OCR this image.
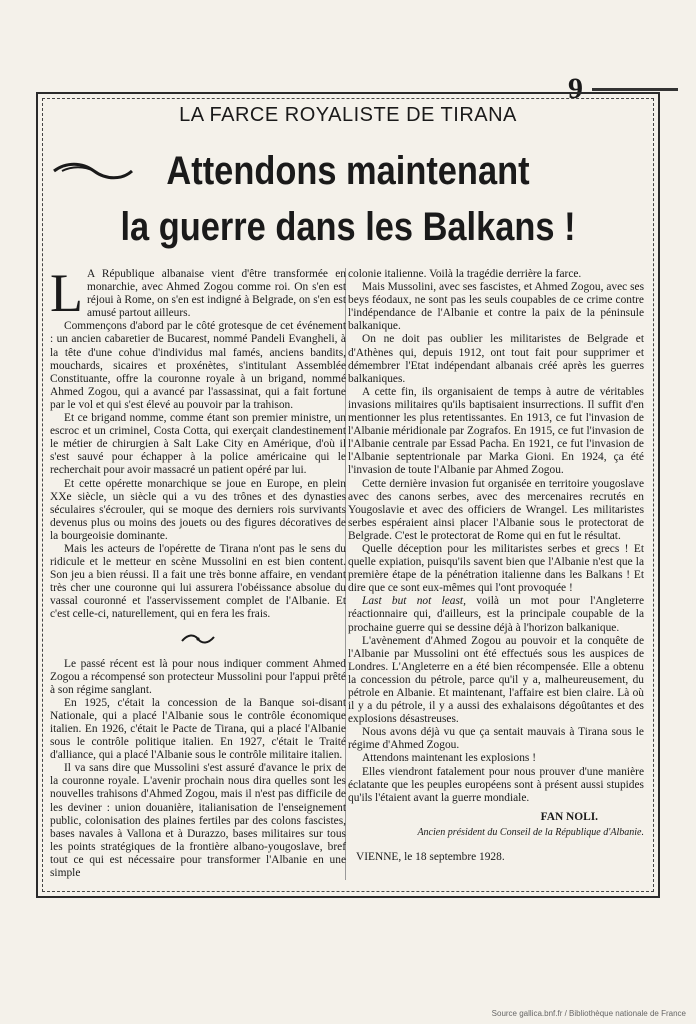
9
LA FARCE ROYALISTE DE TIRANA
Attendons maintenant
la guerre dans les Balkans !

L A République albanaise vient d'être transformée en monarchie, avec Ahmed Zogou comme roi. On s'en est réjoui à Rome, on s'en est indigné à Belgrade, on s'en est amusé partout ailleurs.

Commençons d'abord par le côté grotesque de cet événement : un ancien cabaretier de Bucarest, nommé Pandeli Evangheli, à la tête d'une cohue d'individus mal famés, anciens bandits, mouchards, sicaires et proxénètes, s'intitulant Assemblée Constituante, offre la couronne royale à un brigand, nommé Ahmed Zogou, qui a avancé par l'assassinat, qui a fait fortune par le vol et qui s'est élevé au pouvoir par la trahison.

Et ce brigand nomme, comme étant son premier ministre, un escroc et un criminel, Costa Cotta, qui exerçait clandestinement le métier de chirurgien à Salt Lake City en Amérique, d'où il s'est sauvé pour échapper à la police américaine qui le recherchait pour avoir massacré un patient opéré par lui.

Et cette opérette monarchique se joue en Europe, en plein XXe siècle, un siècle qui a vu des trônes et des dynasties séculaires s'écrouler, qui se moque des derniers rois survivants devenus plus ou moins des jouets ou des figures décoratives de la bourgeoisie dominante.

Mais les acteurs de l'opérette de Tirana n'ont pas le sens du ridicule et le metteur en scène Mussolini en est bien content. Son jeu a bien réussi. Il a fait une très bonne affaire, en vendant très cher une couronne qui lui assurera l'obéissance absolue du vassal couronné et l'asservissement complet de l'Albanie. Et c'est celle-ci, naturellement, qui en fera les frais.

Le passé récent est là pour nous indiquer comment Ahmed Zogou a récompensé son protecteur Mussolini pour l'appui prêté à son régime sanglant.

En 1925, c'était la concession de la Banque soi-disant Nationale, qui a placé l'Albanie sous le contrôle économique italien. En 1926, c'était le Pacte de Tirana, qui a placé l'Albanie sous le contrôle politique italien. En 1927, c'était le Traité d'alliance, qui a placé l'Albanie sous le contrôle militaire italien.

Il va sans dire que Mussolini s'est assuré d'avance le prix de la couronne royale. L'avenir prochain nous dira quelles sont les nouvelles trahisons d'Ahmed Zogou, mais il n'est pas difficile de les deviner : union douanière, italianisation de l'enseignement public, colonisation des plaines fertiles par des colons fascistes, bases navales à Vallona et à Durazzo, bases militaires sur tous les points stratégiques de la frontière albano-yougoslave, bref tout ce qui est nécessaire pour transformer l'Albanie en une simple

colonie italienne. Voilà la tragédie derrière la farce.

Mais Mussolini, avec ses fascistes, et Ahmed Zogou, avec ses beys féodaux, ne sont pas les seuls coupables de ce crime contre l'indépendance de l'Albanie et contre la paix de la péninsule balkanique.

On ne doit pas oublier les militaristes de Belgrade et d'Athènes qui, depuis 1912, ont tout fait pour supprimer et démembrer l'Etat indépendant albanais créé après les guerres balkaniques.

A cette fin, ils organisaient de temps à autre de véritables invasions militaires qu'ils baptisaient insurrections. Il suffit d'en mentionner les plus retentissantes. En 1913, ce fut l'invasion de l'Albanie méridionale par Zografos. En 1915, ce fut l'invasion de l'Albanie centrale par Essad Pacha. En 1921, ce fut l'invasion de l'Albanie septentrionale par Marka Gioni. En 1924, ça été l'invasion de toute l'Albanie par Ahmed Zogou.

Cette dernière invasion fut organisée en territoire yougoslave avec des canons serbes, avec des mercenaires recrutés en Yougoslavie et avec des officiers de Wrangel. Les militaristes serbes espéraient ainsi placer l'Albanie sous le protectorat de Belgrade. C'est le protectorat de Rome qui en fut le résultat.

Quelle déception pour les militaristes serbes et grecs ! Et quelle expiation, puisqu'ils savent bien que l'Albanie n'est que la première étape de la pénétration italienne dans les Balkans ! Et dire que ce sont eux-mêmes qui l'ont provoquée !

Last but not least, voilà un mot pour l'Angleterre réactionnaire qui, d'ailleurs, est la principale coupable de la prochaine guerre qui se dessine déjà à l'horizon balkanique.

L'avènement d'Ahmed Zogou au pouvoir et la conquête de l'Albanie par Mussolini ont été effectués sous les auspices de Londres. L'Angleterre en a été bien récompensée. Elle a obtenu la concession du pétrole, parce qu'il y a, malheureusement, du pétrole en Albanie. Et maintenant, l'affaire est bien claire. Là où il y a du pétrole, il y a aussi des exhalaisons dégoûtantes et des explosions désastreuses.

Nous avons déjà vu que ça sentait mauvais à Tirana sous le régime d'Ahmed Zogou.

Attendons maintenant les explosions !

Elles viendront fatalement pour nous prouver d'une manière éclatante que les peuples européens sont à présent aussi stupides qu'ils l'étaient avant la guerre mondiale.

FAN NOLI.
Ancien président du Conseil de la République d'Albanie.
VIENNE, le 18 septembre 1928.
Source gallica.bnf.fr / Bibliothèque nationale de France
